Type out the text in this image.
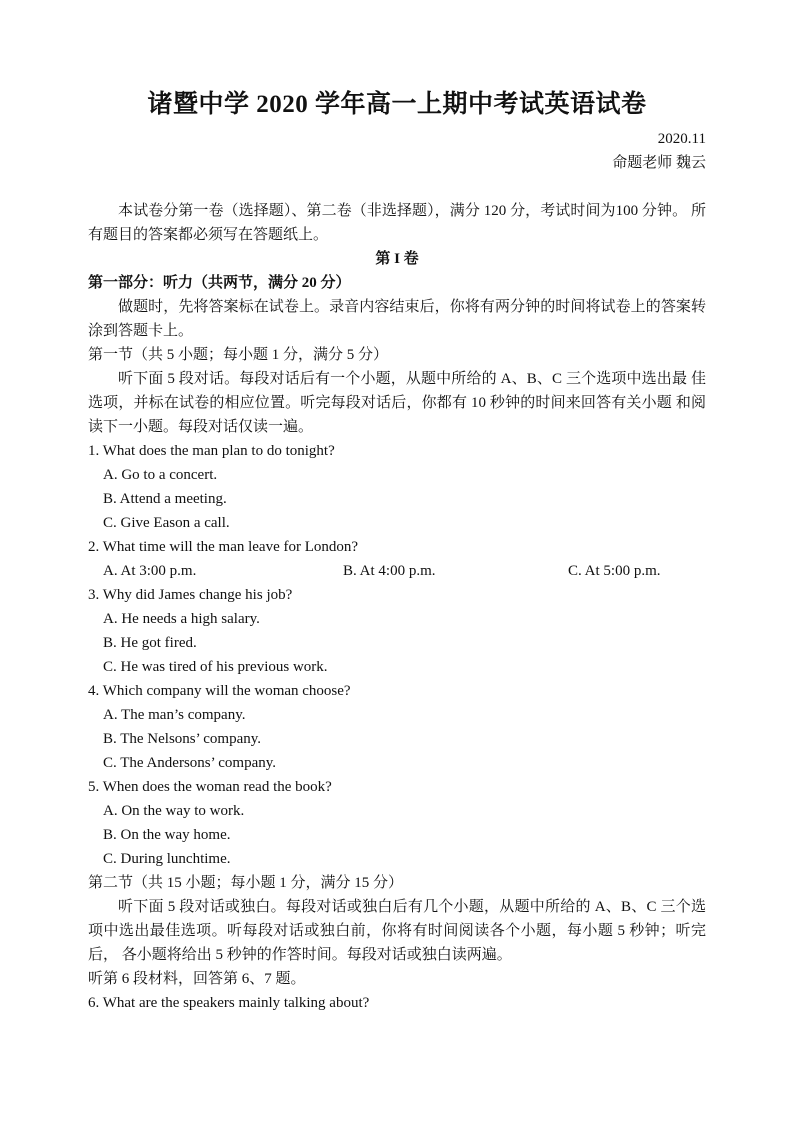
诸暨中学 2020 学年高一上期中考试英语试卷
2020.11
命题老师 魏云
本试卷分第一卷（选择题）、第二卷（非选择题），满分 120 分，考试时间为100 分钟。 所有题目的答案都必须写在答题纸上。
第 I 卷
第一部分：听力（共两节，满分 20 分）
做题时，先将答案标在试卷上。录音内容结束后，你将有两分钟的时间将试卷上的答案转涂到答题卡上。
第一节（共 5 小题；每小题 1 分，满分 5 分）
听下面 5 段对话。每段对话后有一个小题，从题中所给的 A、B、C 三个选项中选出最 佳选项，并标在试卷的相应位置。听完每段对话后，你都有 10 秒钟的时间来回答有关小题 和阅读下一小题。每段对话仅读一遍。
1. What does the man plan to do tonight?
A. Go to a concert.
B. Attend a meeting.
C. Give Eason a call.
2. What time will the man leave for London?
A. At 3:00 p.m.	B. At 4:00 p.m.	C. At 5:00 p.m.
3. Why did James change his job?
A. He needs a high salary.
B. He got fired.
C. He was tired of his previous work.
4. Which company will the woman choose?
A. The man’s company.
B. The Nelsons’ company.
C. The Andersons’ company.
5. When does the woman read the book?
A. On the way to work.
B. On the way home.
C. During lunchtime.
第二节（共 15 小题；每小题 1 分，满分 15 分）
听下面 5 段对话或独白。每段对话或独白后有几个小题，从题中所给的 A、B、C 三个选项中选出最佳选项。听每段对话或独白前，你将有时间阅读各个小题，每小题 5 秒钟；听完后， 各小题将给出 5 秒钟的作答时间。每段对话或独白读两遍。
听第 6 段材料，回答第 6、7 题。
6. What are the speakers mainly talking about?
